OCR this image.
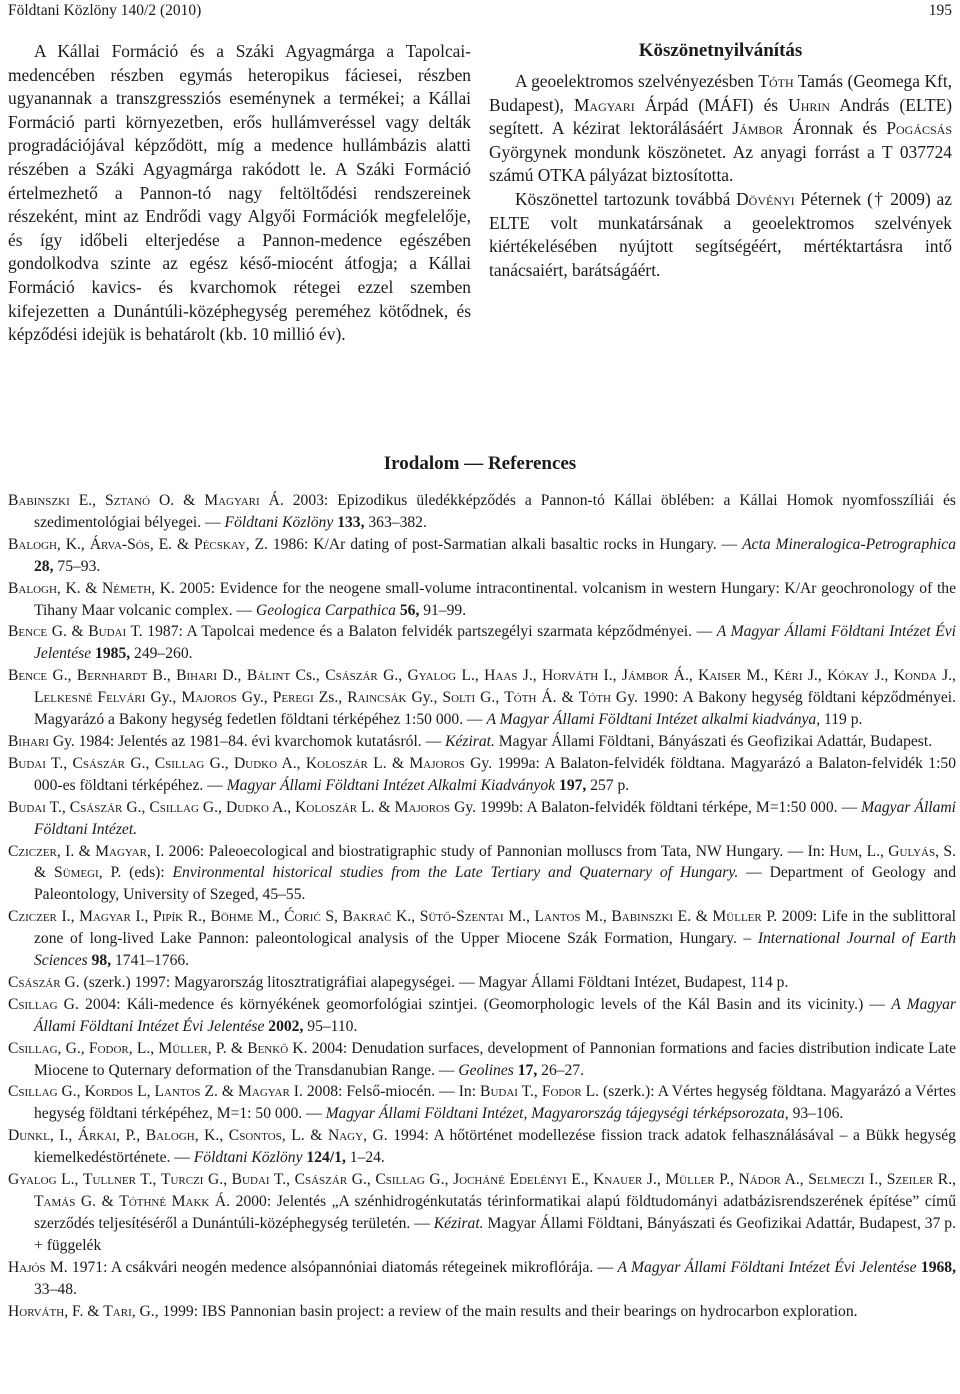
Földtani Közlöny 140/2 (2010)	195

A Kállai Formáció és a Száki Agyagmárga a Tapolcai-medencében részben egymás heteropikus fáciesei, részben ugyanannak a transzgressziós eseménynek a termékei; a Kállai Formáció parti környezetben, erős hullámveréssel vagy delták progradációjával képződött, míg a medence hullámbázis alatti részében a Száki Agyagmárga rakódott le. A Száki Formáció értelmezhető a Pannon-tó nagy feltöltődési rendszereinek részeként, mint az Endrődi vagy Algyői Formációk megfelelője, és így időbeli elterjedése a Pannon-medence egészében gondolkodva szinte az egész késő-miocént átfogja; a Kállai Formáció kavics- és kvarchomok rétegei ezzel szemben kifejezetten a Dunántúli-középhegység pereméhez kötődnek, és képződési idejük is behatárolt (kb. 10 millió év).

Köszönetnyilvánítás

A geoelektromos szelvényezésben Tóth Tamás (Geomega Kft, Budapest), Magyari Árpád (MÁFI) és Uhrin András (ELTE) segített. A kézirat lektorálásáért Jámbor Áronnak és Pogácsás Györgynek mondunk köszönetet. Az anyagi forrást a T 037724 számú OTKA pályázat biztosította.

Köszönettel tartozunk továbbá Dövényi Péternek († 2009) az ELTE volt munkatársának a geoelektromos szelvények kiértékelésében nyújtott segítségéért, mértéktartásra intő tanácsaiért, barátságáért.

Irodalom — References

Babinszki E., Sztanó O. & Magyari Á. 2003: Epizodikus üledékképződés a Pannon-tó Kállai öblében: a Kállai Homok nyomfosszíliái és szedimentológiai bélyegei. — Földtani Közlöny 133, 363–382.

Balogh, K., Árva-Sós, E. & Pécskay, Z. 1986: K/Ar dating of post-Sarmatian alkali basaltic rocks in Hungary. — Acta Mineralogica-Petrographica 28, 75–93.

Balogh, K. & Németh, K. 2005: Evidence for the neogene small-volume intracontinental. volcanism in western Hungary: K/Ar geochronology of the Tihany Maar volcanic complex. — Geologica Carpathica 56, 91–99.

Bence G. & Budai T. 1987: A Tapolcai medence és a Balaton felvidék partszegélyi szarmata képződményei. — A Magyar Állami Földtani Intézet Évi Jelentése 1985, 249–260.

Bence G., Bernhardt B., Bihari D., Bálint Cs., Császár G., Gyalog L., Haas J., Horváth I., Jámbor Á., Kaiser M., Kéri J., Kókay J., Konda J., Lelkesné Felvári Gy., Majoros Gy., Peregi Zs., Raincsák Gy., Solti G., Tóth Á. & Tóth Gy. 1990: A Bakony hegység földtani képződményei. Magyarázó a Bakony hegység fedetlen földtani térképéhez 1:50 000. — A Magyar Állami Földtani Intézet alkalmi kiadványa, 119 p.

Bihari Gy. 1984: Jelentés az 1981–84. évi kvarchomok kutatásról. — Kézirat. Magyar Állami Földtani, Bányászati és Geofizikai Adattár, Budapest.

Budai T., Császár G., Csillag G., Dudko A., Koloszár L. & Majoros Gy. 1999a: A Balaton-felvidék földtana. Magyarázó a Balaton-felvidék 1:50 000-es földtani térképéhez. — Magyar Állami Földtani Intézet Alkalmi Kiadványok 197, 257 p.

Budai T., Császár G., Csillag G., Dudko A., Koloszár L. & Majoros Gy. 1999b: A Balaton-felvidék földtani térképe, M=1:50 000. — Magyar Állami Földtani Intézet.

Cziczer, I. & Magyar, I. 2006: Paleoecological and biostratigraphic study of Pannonian molluscs from Tata, NW Hungary. — In: Hum, L., Gulyás, S. & Sümegi, P. (eds): Environmental historical studies from the Late Tertiary and Quaternary of Hungary. — Department of Geology and Paleontology, University of Szeged, 45–55.

Cziczer I., Magyar I., Pipík R., Böhme M., Ćorić S, Bakrač K., Sütő-Szentai M., Lantos M., Babinszki E. & Müller P. 2009: Life in the sublittoral zone of long-lived Lake Pannon: paleontological analysis of the Upper Miocene Szák Formation, Hungary. – International Journal of Earth Sciences 98, 1741–1766.

Császár G. (szerk.) 1997: Magyarország litosztratigráfiai alapegységei. — Magyar Állami Földtani Intézet, Budapest, 114 p.

Csillag G. 2004: Káli-medence és környékének geomorfológiai szintjei. (Geomorphologic levels of the Kál Basin and its vicinity.) — A Magyar Állami Földtani Intézet Évi Jelentése 2002, 95–110.

Csillag, G., Fodor, L., Müller, P. & Benkő K. 2004: Denudation surfaces, development of Pannonian formations and facies distribution indicate Late Miocene to Quternary deformation of the Transdanubian Range. — Geolines 17, 26–27.

Csillag G., Kordos L, Lantos Z. & Magyar I. 2008: Felső-miocén. — In: Budai T., Fodor L. (szerk.): A Vértes hegység földtana. Magyarázó a Vértes hegység földtani térképéhez, M=1: 50 000. — Magyar Állami Földtani Intézet, Magyarország tájegységi térképsorozata, 93–106.

Dunkl, I., Árkai, P., Balogh, K., Csontos, L. & Nagy, G. 1994: A hőtörténet modellezése fission track adatok felhasználásával – a Bükk hegység kiemelkedéstörténete. — Földtani Közlöny 124/1, 1–24.

Gyalog L., Tullner T., Turczi G., Budai T., Császár G., Csillag G., Jocháné Edelényi E., Knauer J., Müller P., Nádor A., Selmeczi I., Szeiler R., Tamás G. & Tóthné Makk Á. 2000: Jelentés „A szénhidrogénkutatás térinformatikai alapú földtudományi adatbázisrendszerének építése” című szerződés teljesítéséről a Dunántúli-középhegység területén. — Kézirat. Magyar Állami Földtani, Bányászati és Geofizikai Adattár, Budapest, 37 p. + függelék

Hajós M. 1971: A csákvári neogén medence alsópannóniai diatomás rétegeinek mikroflórája. — A Magyar Állami Földtani Intézet Évi Jelentése 1968, 33–48.

Horváth, F. & Tari, G., 1999: IBS Pannonian basin project: a review of the main results and their bearings on hydrocarbon exploration.
